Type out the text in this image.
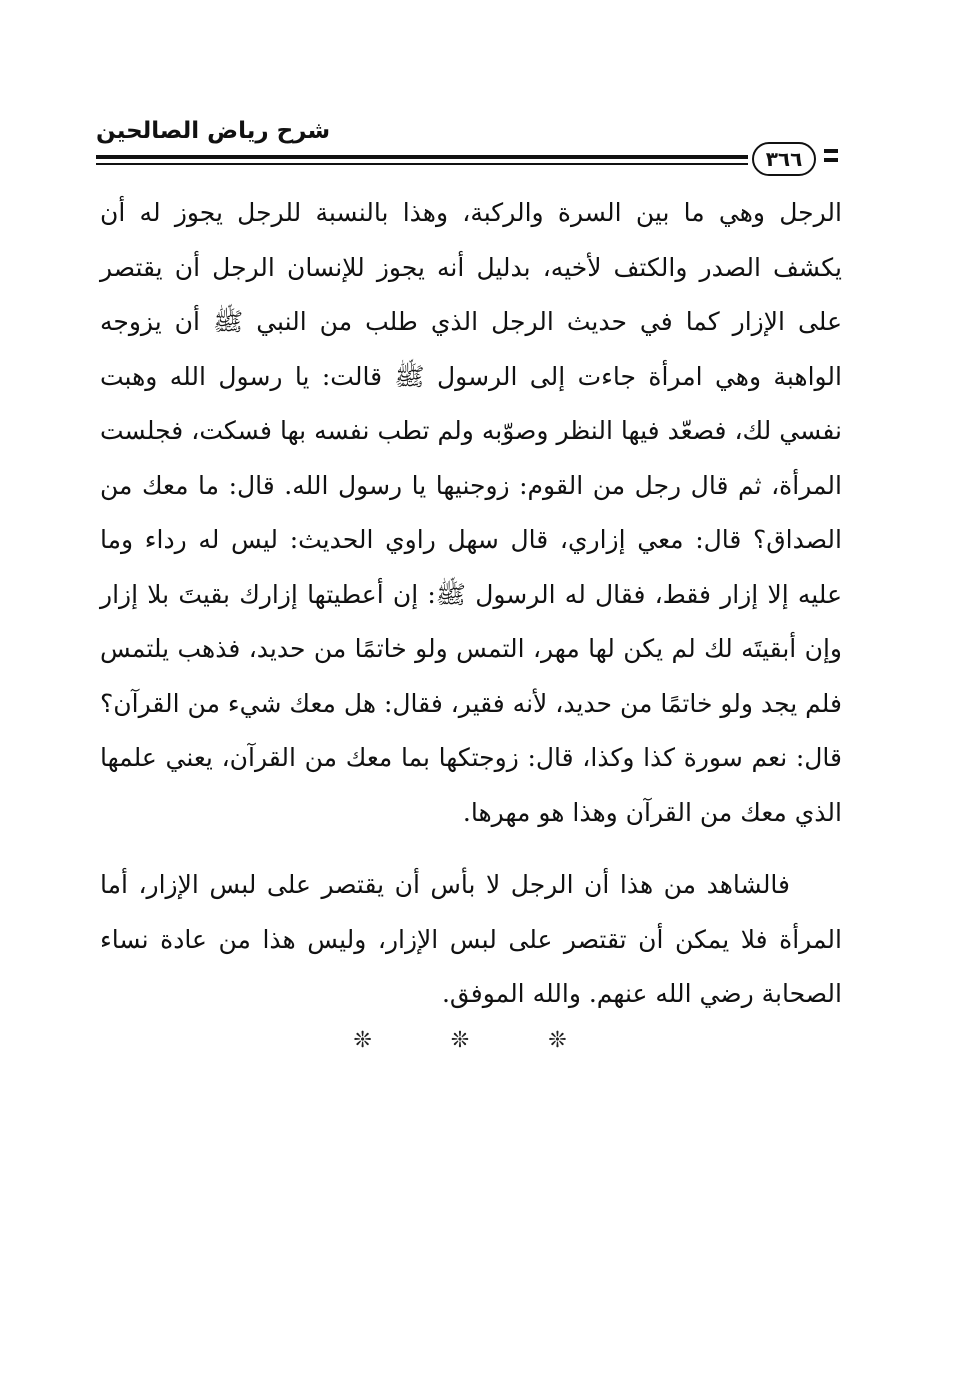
شرح رياض الصالحين
٣٦٦

الرجل وهي ما بين السرة والركبة، وهذا بالنسبة للرجل يجوز له أن يكشف الصدر والكتف لأخيه، بدليل أنه يجوز للإنسان الرجل أن يقتصر على الإزار كما في حديث الرجل الذي طلب من النبي ﷺ أن يزوجه الواهبة وهي امرأة جاءت إلى الرسول ﷺ قالت: يا رسول الله وهبت نفسي لك، فصعّد فيها النظر وصوّبه ولم تطب نفسه بها فسكت، فجلست المرأة، ثم قال رجل من القوم: زوجنيها يا رسول الله. قال: ما معك من الصداق؟ قال: معي إزاري، قال سهل راوي الحديث: ليس له رداء وما عليه إلا إزار فقط، فقال له الرسول ﷺ: إن أعطيتها إزارك بقيتَ بلا إزار وإن أبقيتَه لك لم يكن لها مهر، التمس ولو خاتمًا من حديد، فذهب يلتمس فلم يجد ولو خاتمًا من حديد، لأنه فقير، فقال: هل معك شيء من القرآن؟ قال: نعم سورة كذا وكذا، قال: زوجتكها بما معك من القرآن، يعني علمها الذي معك من القرآن وهذا هو مهرها.

فالشاهد من هذا أن الرجل لا بأس أن يقتصر على لبس الإزار، أما المرأة فلا يمكن أن تقتصر على لبس الإزار، وليس هذا من عادة نساء الصحابة رضي الله عنهم. والله الموفق.

❊ ❊ ❊
